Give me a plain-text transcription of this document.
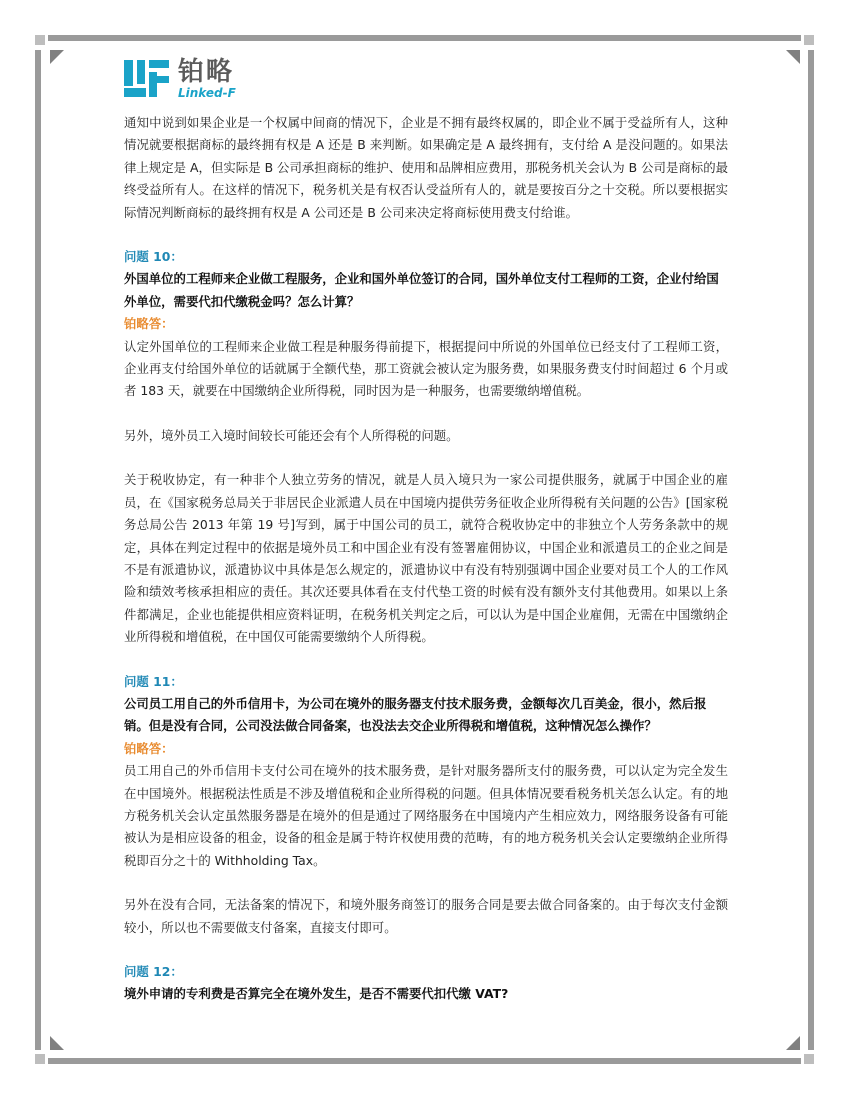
铂略
Linked-F

通知中说到如果企业是一个权属中间商的情况下，企业是不拥有最终权属的，即企业不属于受益所有人，这种情况就要根据商标的最终拥有权是 A 还是 B 来判断。如果确定是 A 最终拥有，支付给 A 是没问题的。如果法律上规定是 A，但实际是 B 公司承担商标的维护、使用和品牌相应费用，那税务机关会认为 B 公司是商标的最终受益所有人。在这样的情况下，税务机关是有权否认受益所有人的，就是要按百分之十交税。所以要根据实际情况判断商标的最终拥有权是 A 公司还是 B 公司来决定将商标使用费支付给谁。

问题 10：

外国单位的工程师来企业做工程服务，企业和国外单位签订的合同，国外单位支付工程师的工资，企业付给国外单位，需要代扣代缴税金吗？怎么计算？

铂略答：

认定外国单位的工程师来企业做工程是种服务得前提下，根据提问中所说的外国单位已经支付了工程师工资，企业再支付给国外单位的话就属于全额代垫，那工资就会被认定为服务费，如果服务费支付时间超过 6 个月或者 183 天，就要在中国缴纳企业所得税，同时因为是一种服务，也需要缴纳增值税。

另外，境外员工入境时间较长可能还会有个人所得税的问题。

关于税收协定，有一种非个人独立劳务的情况，就是人员入境只为一家公司提供服务，就属于中国企业的雇员，在《国家税务总局关于非居民企业派遣人员在中国境内提供劳务征收企业所得税有关问题的公告》[国家税务总局公告 2013 年第 19 号]写到，属于中国公司的员工，就符合税收协定中的非独立个人劳务条款中的规定，具体在判定过程中的依据是境外员工和中国企业有没有签署雇佣协议，中国企业和派遣员工的企业之间是不是有派遣协议，派遣协议中具体是怎么规定的，派遣协议中有没有特别强调中国企业要对员工个人的工作风险和绩效考核承担相应的责任。其次还要具体看在支付代垫工资的时候有没有额外支付其他费用。如果以上条件都满足，企业也能提供相应资料证明，在税务机关判定之后，可以认为是中国企业雇佣，无需在中国缴纳企业所得税和增值税，在中国仅可能需要缴纳个人所得税。

问题 11：

公司员工用自己的外币信用卡，为公司在境外的服务器支付技术服务费，金额每次几百美金，很小，然后报销。但是没有合同，公司没法做合同备案，也没法去交企业所得税和增值税，这种情况怎么操作？

铂略答：

员工用自己的外币信用卡支付公司在境外的技术服务费，是针对服务器所支付的服务费，可以认定为完全发生在中国境外。根据税法性质是不涉及增值税和企业所得税的问题。但具体情况要看税务机关怎么认定。有的地方税务机关会认定虽然服务器是在境外的但是通过了网络服务在中国境内产生相应效力，网络服务设备有可能被认为是相应设备的租金，设备的租金是属于特许权使用费的范畴，有的地方税务机关会认定要缴纳企业所得税即百分之十的 Withholding Tax。

另外在没有合同，无法备案的情况下，和境外服务商签订的服务合同是要去做合同备案的。由于每次支付金额较小，所以也不需要做支付备案，直接支付即可。

问题 12：

境外申请的专利费是否算完全在境外发生，是否不需要代扣代缴 VAT?
